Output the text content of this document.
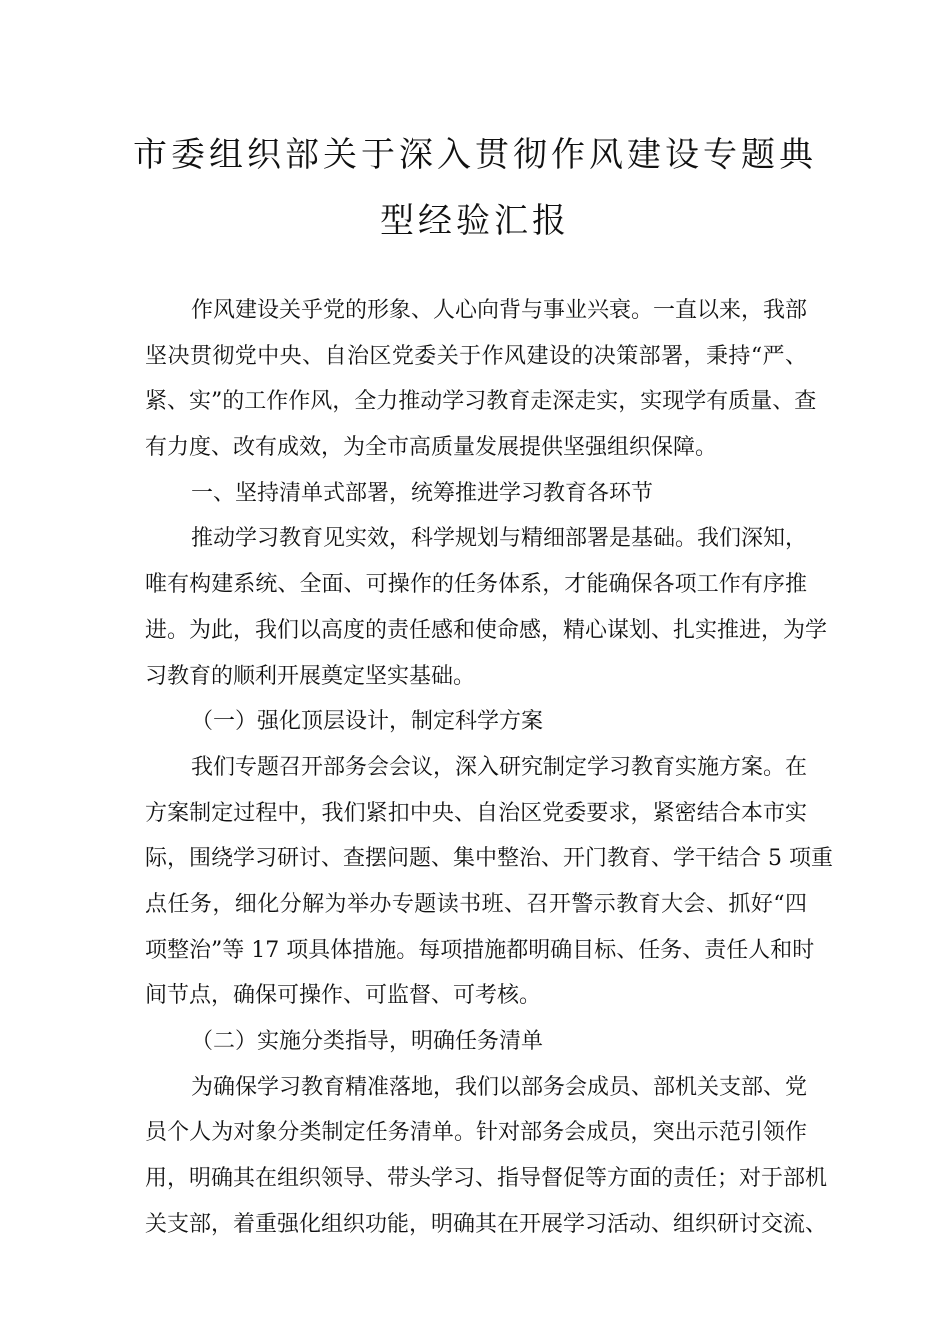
市委组织部关于深入贯彻作风建设专题典
型经验汇报
作风建设关乎党的形象、人心向背与事业兴衰。一直以来，我部
坚决贯彻党中央、自治区党委关于作风建设的决策部署，秉持“严、
紧、实”的工作作风，全力推动学习教育走深走实，实现学有质量、查
有力度、改有成效，为全市高质量发展提供坚强组织保障。
一、坚持清单式部署，统筹推进学习教育各环节
推动学习教育见实效，科学规划与精细部署是基础。我们深知，
唯有构建系统、全面、可操作的任务体系，才能确保各项工作有序推
进。为此，我们以高度的责任感和使命感，精心谋划、扎实推进，为学
习教育的顺利开展奠定坚实基础。
（一）强化顶层设计，制定科学方案
我们专题召开部务会会议，深入研究制定学习教育实施方案。在
方案制定过程中，我们紧扣中央、自治区党委要求，紧密结合本市实
际，围绕学习研讨、查摆问题、集中整治、开门教育、学干结合 5 项重
点任务，细化分解为举办专题读书班、召开警示教育大会、抓好“四
项整治”等 17 项具体措施。每项措施都明确目标、任务、责任人和时
间节点，确保可操作、可监督、可考核。
（二）实施分类指导，明确任务清单
为确保学习教育精准落地，我们以部务会成员、部机关支部、党
员个人为对象分类制定任务清单。针对部务会成员，突出示范引领作
用，明确其在组织领导、带头学习、指导督促等方面的责任；对于部机
关支部，着重强化组织功能，明确其在开展学习活动、组织研讨交流、
